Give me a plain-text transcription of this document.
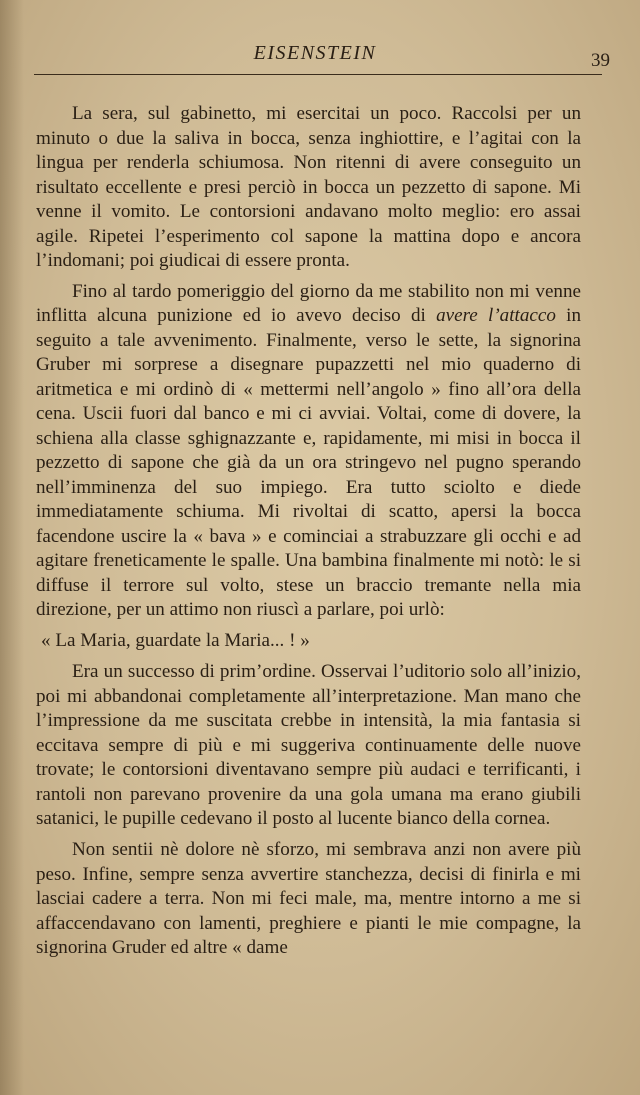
EISENSTEIN	39

La sera, sul gabinetto, mi esercitai un poco. Raccolsi per un minuto o due la saliva in bocca, senza inghiottire, e l’agitai con la lingua per renderla schiumosa. Non ritenni di avere conseguito un risultato eccellente e presi perciò in bocca un pezzetto di sapone. Mi venne il vomito. Le contorsioni andavano molto meglio: ero assai agile. Ripetei l’esperimento col sapone la mattina dopo e ancora l’indomani; poi giudicai di essere pronta.

Fino al tardo pomeriggio del giorno da me stabilito non mi venne inflitta alcuna punizione ed io avevo deciso di avere l’attacco in seguito a tale avvenimento. Finalmente, verso le sette, la signorina Gruber mi sorprese a disegnare pupazzetti nel mio quaderno di aritmetica e mi ordinò di « mettermi nell’angolo » fino all’ora della cena. Uscii fuori dal banco e mi ci avviai. Voltai, come di dovere, la schiena alla classe sghignazzante e, rapidamente, mi misi in bocca il pezzetto di sapone che già da un ora stringevo nel pugno sperando nell’imminenza del suo impiego. Era tutto sciolto e diede immediatamente schiuma. Mi rivoltai di scatto, apersi la bocca facendone uscire la « bava » e cominciai a strabuzzare gli occhi e ad agitare freneticamente le spalle. Una bambina finalmente mi notò: le si diffuse il terrore sul volto, stese un braccio tremante nella mia direzione, per un attimo non riuscì a parlare, poi urlò:

« La Maria, guardate la Maria... ! »

Era un successo di prim’ordine. Osservai l’uditorio solo all’inizio, poi mi abbandonai completamente all’interpretazione. Man mano che l’impressione da me suscitata crebbe in intensità, la mia fantasia si eccitava sempre di più e mi suggeriva continuamente delle nuove trovate; le contorsioni diventavano sempre più audaci e terrificanti, i rantoli non parevano provenire da una gola umana ma erano giubili satanici, le pupille cedevano il posto al lucente bianco della cornea.

Non sentii nè dolore nè sforzo, mi sembrava anzi non avere più peso. Infine, sempre senza avvertire stanchezza, decisi di finirla e mi lasciai cadere a terra. Non mi feci male, ma, mentre intorno a me si affaccendavano con lamenti, preghiere e pianti le mie compagne, la signorina Gruder ed altre « dame
